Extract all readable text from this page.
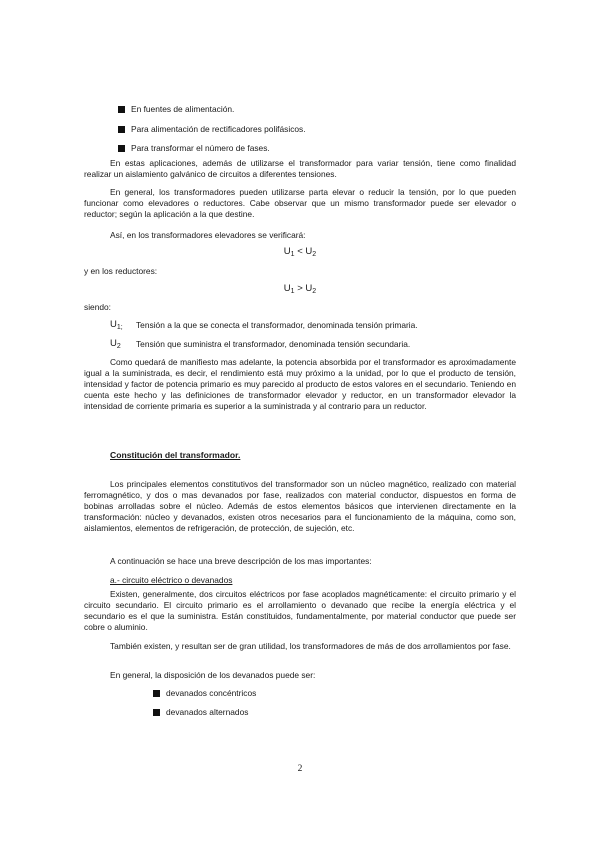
En fuentes de alimentación.
Para alimentación de rectificadores polifásicos.
Para transformar el número de fases.

En estas aplicaciones, además de utilizarse el transformador para variar tensión, tiene como finalidad realizar un aislamiento galvánico de circuitos a diferentes tensiones.

En general, los transformadores pueden utilizarse parta elevar o reducir la tensión, por lo que pueden funcionar como elevadores o reductores. Cabe observar que un mismo transformador puede ser elevador o reductor; según la aplicación a la que destine.

Así, en los transformadores elevadores se verificará:
$U_1 < U_2$
y en los reductores:
$U_1 > U_2$
siendo:
$U_{1;}$ Tensión a la que se conecta el transformador, denominada tensión primaria.
$U_2$ Tensión que suministra el transformador, denominada tensión secundaria.

Como quedará de manifiesto mas adelante, la potencia absorbida por el transformador es aproximadamente igual a la suministrada, es decir, el rendimiento está muy próximo a la unidad, por lo que el producto de tensión, intensidad y factor de potencia primario es muy parecido al producto de estos valores en el secundario. Teniendo en cuenta este hecho y las definiciones de transformador elevador y reductor, en un transformador elevador la intensidad de corriente primaria es superior a la suministrada y al contrario para un reductor.

Constitución del transformador.

Los principales elementos constitutivos del transformador son un núcleo magnético, realizado con material ferromagnético, y dos o mas devanados por fase, realizados con material conductor, dispuestos en forma de bobinas arrolladas sobre el núcleo. Además de estos elementos básicos que intervienen directamente en la transformación: núcleo y devanados, existen otros necesarios para el funcionamiento de la máquina, como son, aislamientos, elementos de refrigeración, de protección, de sujeción, etc.

A continuación se hace una breve descripción de los mas importantes:
a.- circuito eléctrico o devanados

Existen, generalmente, dos circuitos eléctricos por fase acoplados magnéticamente: el circuito primario y el circuito secundario. El circuito primario es el arrollamiento o devanado que recibe la energía eléctrica y el secundario es el que la suministra. Están constituidos, fundamentalmente, por material conductor que puede ser cobre o aluminio.

También existen, y resultan ser de gran utilidad, los transformadores de más de dos arrollamientos por fase.

En general, la disposición de los devanados puede ser:
devanados concéntricos
devanados alternados
2
